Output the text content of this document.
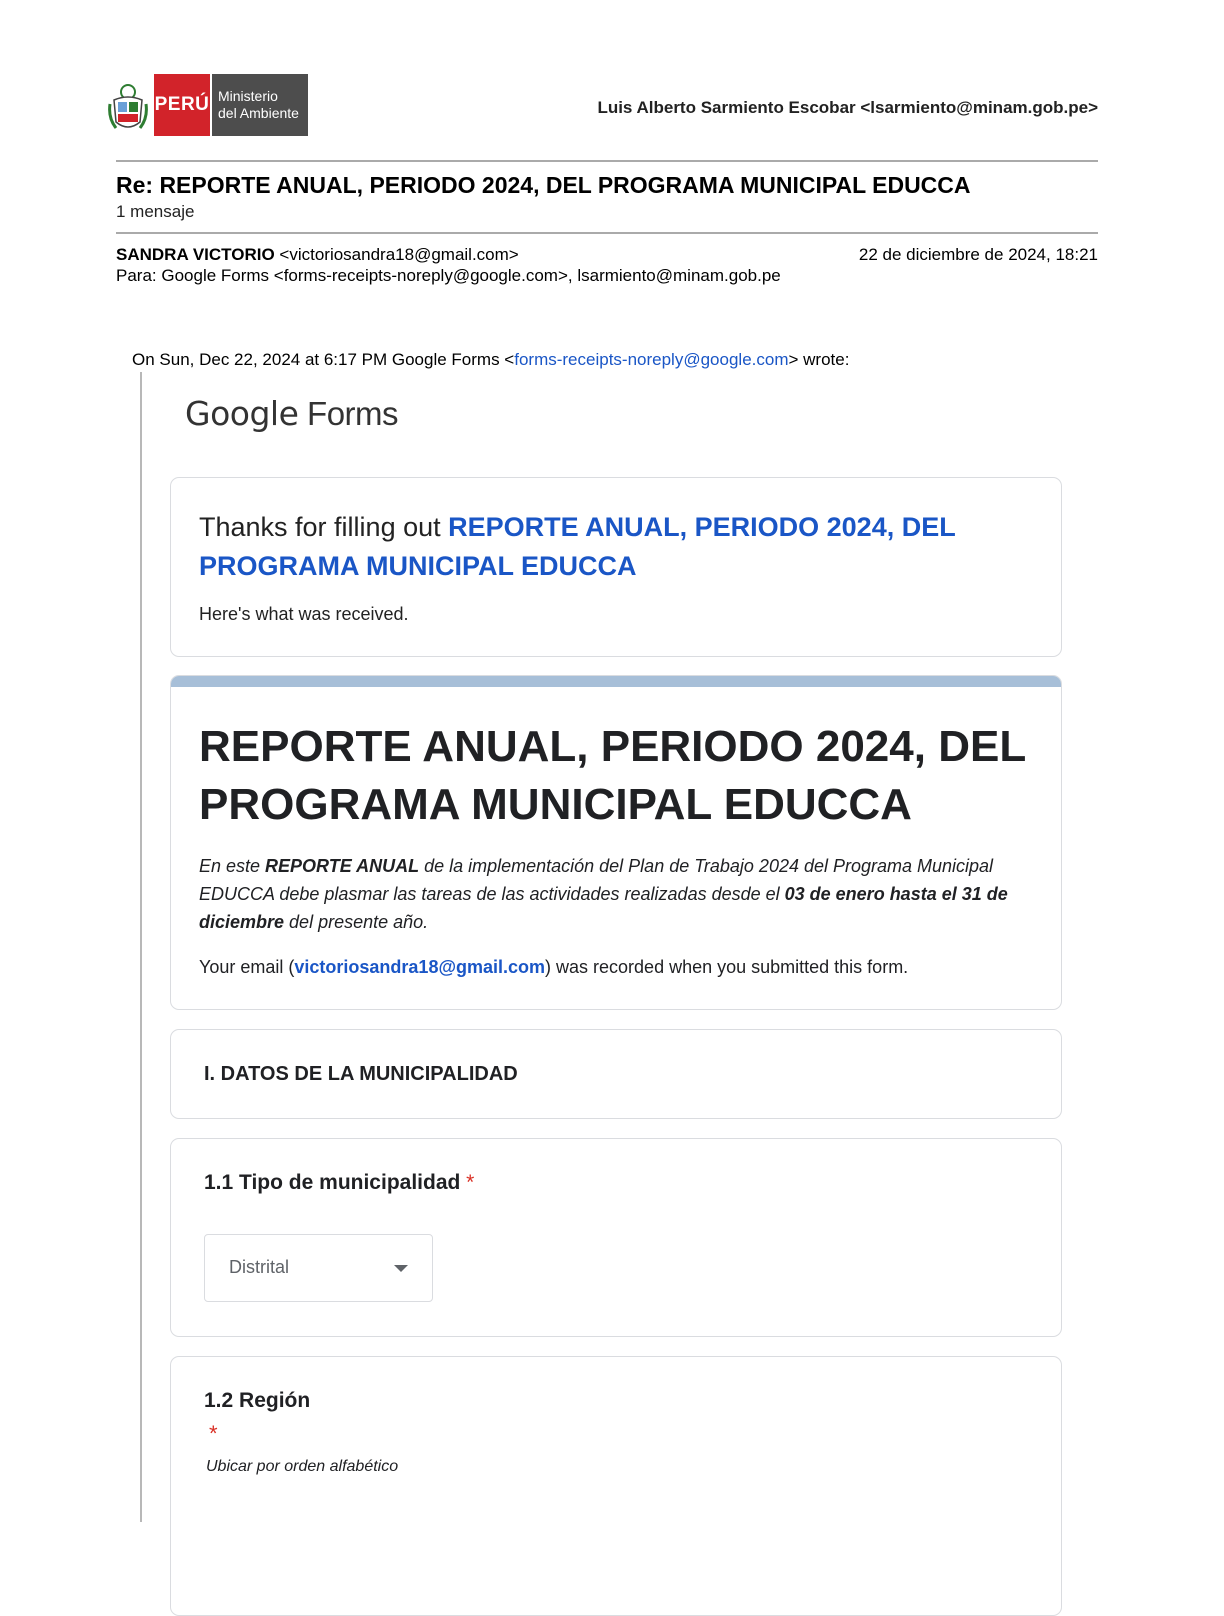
PERÚ Ministerio
del Ambiente	Luis Alberto Sarmiento Escobar <lsarmiento@minam.gob.pe>
Re: REPORTE ANUAL, PERIODO 2024, DEL PROGRAMA MUNICIPAL EDUCCA
1 mensaje
SANDRA VICTORIO <victoriosandra18@gmail.com>	22 de diciembre de 2024, 18:21
Para: Google Forms <forms-receipts-noreply@google.com>, lsarmiento@minam.gob.pe
On Sun, Dec 22, 2024 at 6:17 PM Google Forms <forms-receipts-noreply@google.com> wrote:
Google Forms
Thanks for filling out REPORTE ANUAL, PERIODO 2024, DEL PROGRAMA MUNICIPAL EDUCCA
Here's what was received.
REPORTE ANUAL, PERIODO 2024, DEL PROGRAMA MUNICIPAL EDUCCA
En este REPORTE ANUAL de la implementación del Plan de Trabajo 2024 del Programa Municipal EDUCCA debe plasmar las tareas de las actividades realizadas desde el 03 de enero hasta el 31 de diciembre del presente año.
Your email (victoriosandra18@gmail.com) was recorded when you submitted this form.
I. DATOS DE LA MUNICIPALIDAD
1.1 Tipo de municipalidad *
Distrital
1.2 Región
*
Ubicar por orden alfabético
